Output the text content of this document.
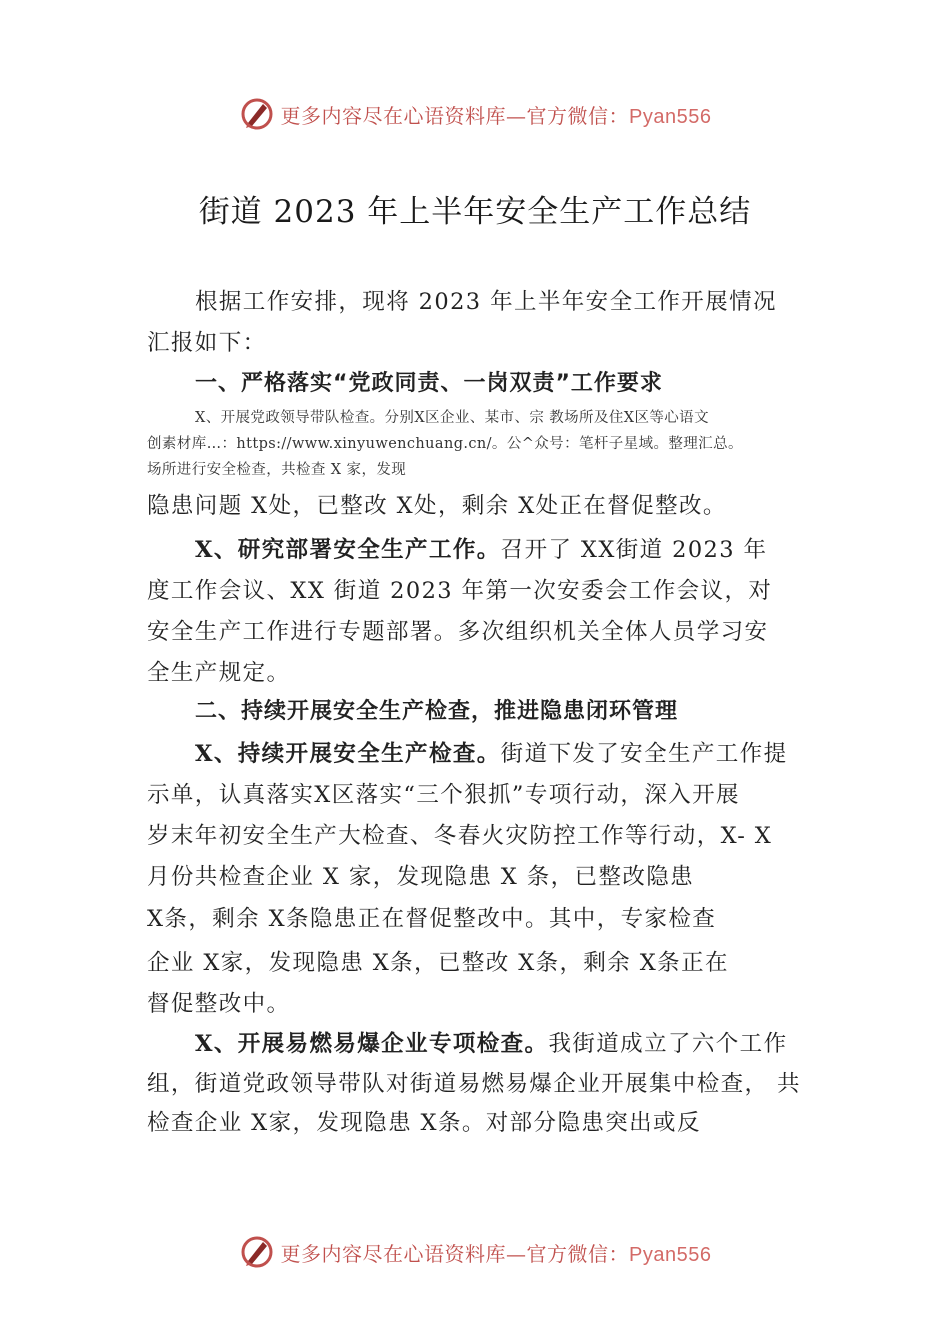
更多内容尽在心语资料库—官方微信：Pyan556
街道 2023 年上半年安全生产工作总结
根据工作安排，现将 2023 年上半年安全工作开展情况
汇报如下：
一、严格落实“党政同责、一岗双责”工作要求
X、开展党政领导带队检查。分别X区企业、某市、宗 教场所及住X区等心语文
创素材库…：https://www.xinyuwenchuang.cn/。公^众号：笔杆子星域。整理汇总。
场所进行安全检查，共检查 X 家，发现
隐患问题 X处，已整改 X处，剩余 X处正在督促整改。
X、研究部署安全生产工作。召开了 XX街道 2023 年
度工作会议、XX 街道 2023 年第一次安委会工作会议，对
安全生产工作进行专题部署。多次组织机关全体人员学习安
全生产规定。
二、持续开展安全生产检查，推进隐患闭环管理
X、持续开展安全生产检查。街道下发了安全生产工作提
示单，认真落实X区落实“三个狠抓”专项行动，深入开展
岁末年初安全生产大检查、冬春火灾防控工作等行动，X- X
月份共检查企业 X 家，发现隐患 X 条，已整改隐患
X条，剩余 X条隐患正在督促整改中。其中，专家检查
企业 X家，发现隐患 X条，已整改 X条，剩余 X条正在
督促整改中。
X、开展易燃易爆企业专项检查。我街道成立了六个工作
组，街道党政领导带队对街道易燃易爆企业开展集中检查， 共
检查企业 X家，发现隐患 X条。对部分隐患突出或反
更多内容尽在心语资料库—官方微信：Pyan556
